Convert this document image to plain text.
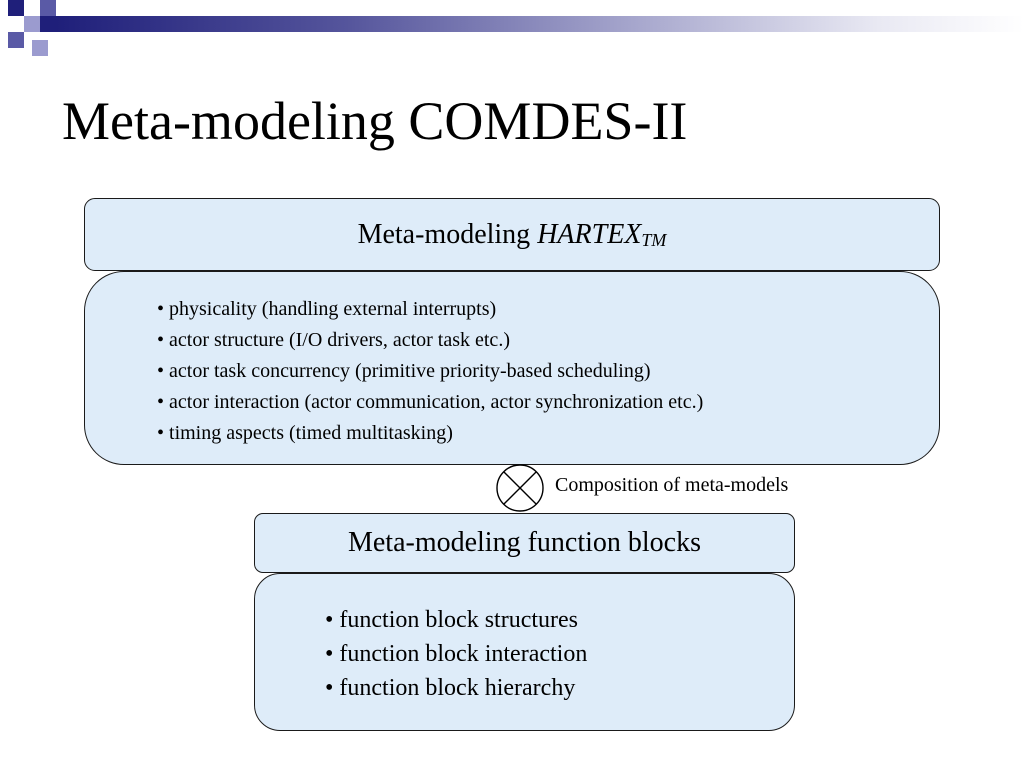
Meta-modeling COMDES-II
Meta-modeling $HARTEX_{TM}$
• physicality (handling external interrupts)
• actor structure (I/O drivers, actor task etc.)
• actor task concurrency (primitive priority-based scheduling)
• actor interaction (actor communication, actor synchronization etc.)
• timing aspects (timed multitasking)
Composition of meta-models
Meta-modeling function blocks
• function block structures
• function block interaction
• function block hierarchy
